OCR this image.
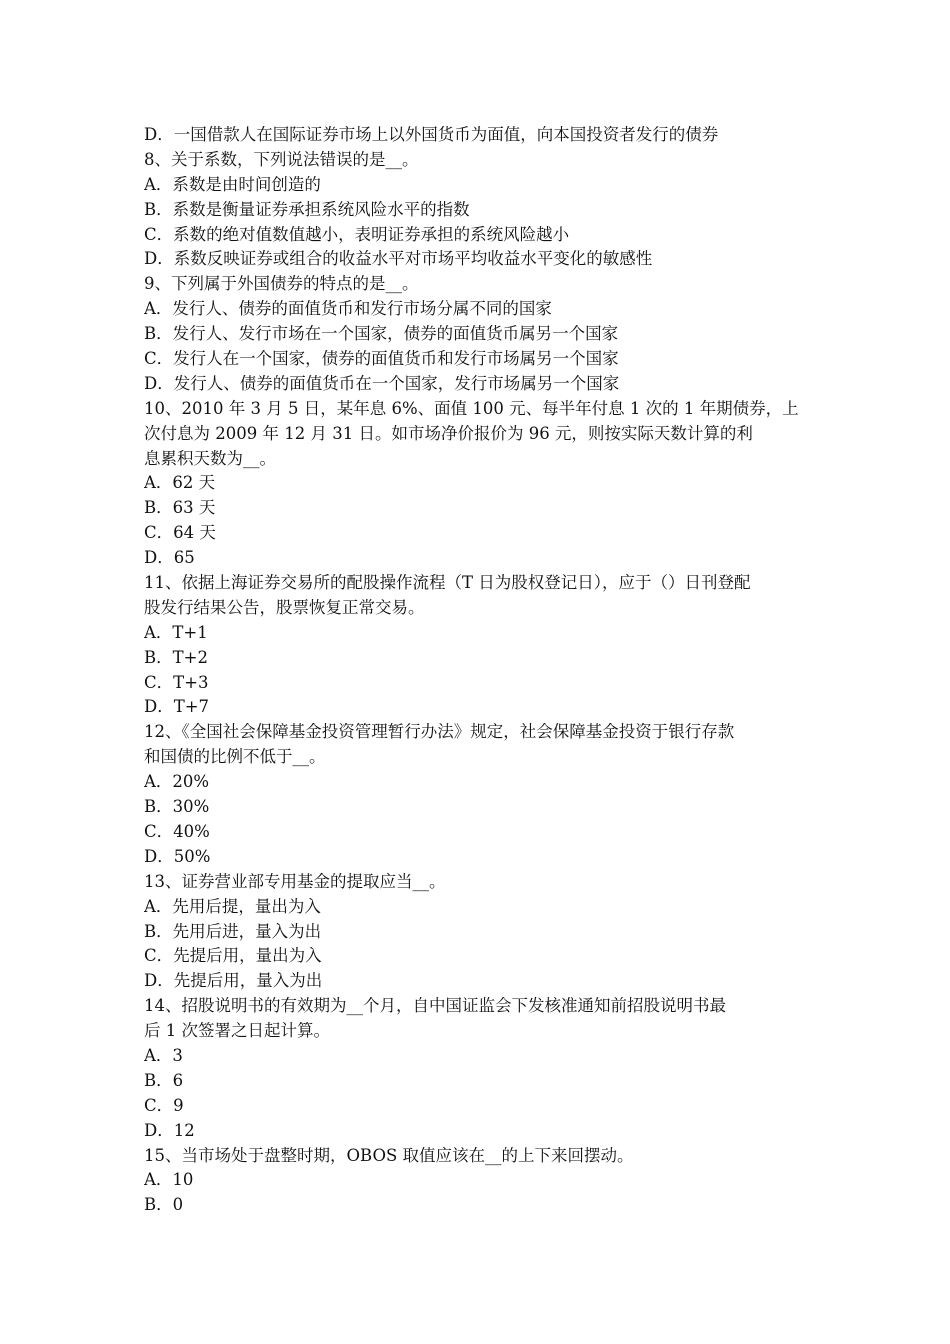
D．一国借款人在国际证券市场上以外国货币为面值，向本国投资者发行的债券
8、关于系数，下列说法错误的是__。
A．系数是由时间创造的
B．系数是衡量证券承担系统风险水平的指数
C．系数的绝对值数值越小，表明证券承担的系统风险越小
D．系数反映证券或组合的收益水平对市场平均收益水平变化的敏感性
9、下列属于外国债券的特点的是__。
A．发行人、债券的面值货币和发行市场分属不同的国家
B．发行人、发行市场在一个国家，债券的面值货币属另一个国家
C．发行人在一个国家，债券的面值货币和发行市场属另一个国家
D．发行人、债券的面值货币在一个国家，发行市场属另一个国家
10、2010 年 3 月 5 日，某年息 6%、面值 100 元、每半年付息 1 次的 1 年期债券，上
次付息为 2009 年 12 月 31 日。如市场净价报价为 96 元，则按实际天数计算的利
息累积天数为__。
A．62 天
B．63 天
C．64 天
D．65
11、依据上海证券交易所的配股操作流程（T 日为股权登记日），应于（）日刊登配
股发行结果公告，股票恢复正常交易。
A．T+1
B．T+2
C．T+3
D．T+7
12、《全国社会保障基金投资管理暂行办法》规定，社会保障基金投资于银行存款
和国债的比例不低于__。
A．20%
B．30%
C．40%
D．50%
13、证券营业部专用基金的提取应当__。
A．先用后提，量出为入
B．先用后进，量入为出
C．先提后用，量出为入
D．先提后用，量入为出
14、招股说明书的有效期为__个月，自中国证监会下发核准通知前招股说明书最
后 1 次签署之日起计算。
A．3
B．6
C．9
D．12
15、当市场处于盘整时期，OBOS 取值应该在__的上下来回摆动。
A．10
B．0
